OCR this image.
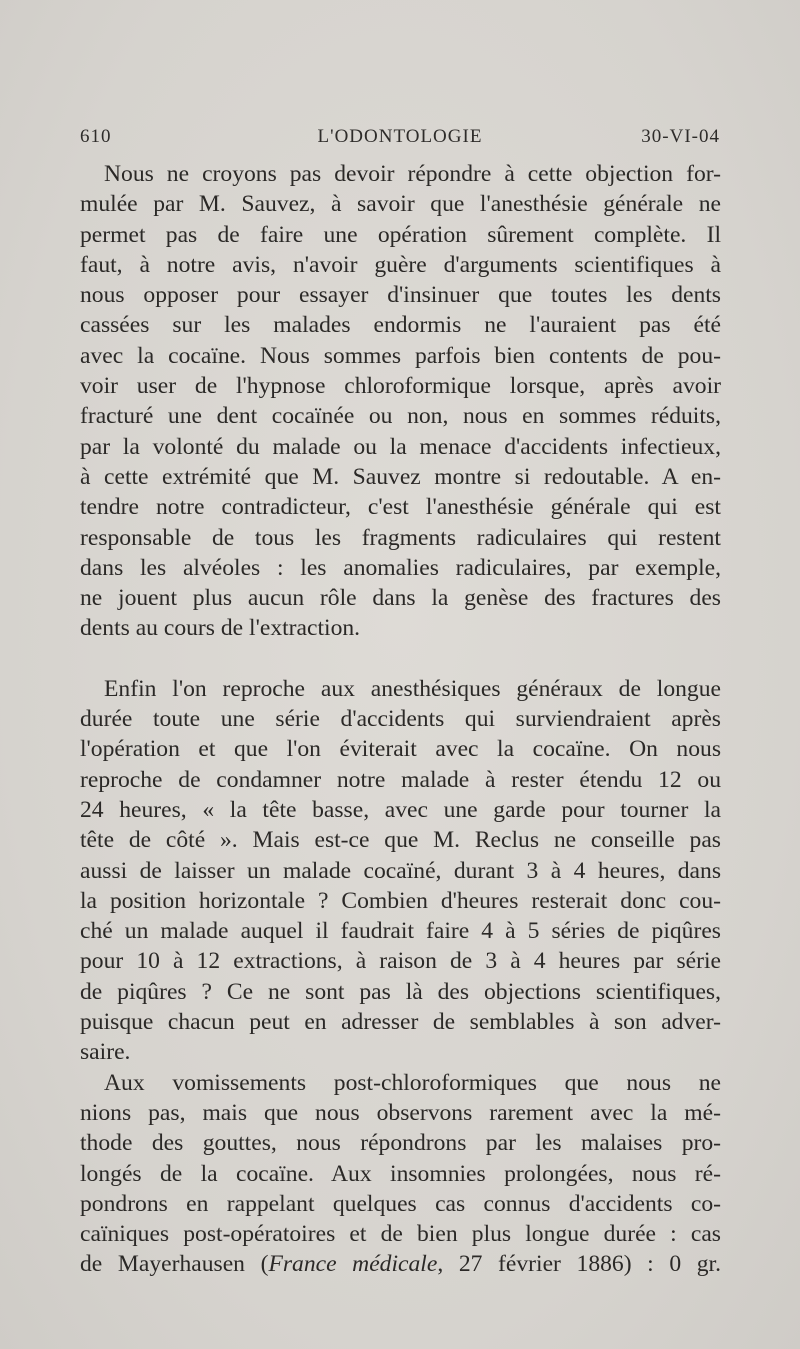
610	L'ODONTOLOGIE	30-VI-04
Nous ne croyons pas devoir répondre à cette objection for-
mulée par M. Sauvez, à savoir que l'anesthésie générale ne
permet pas de faire une opération sûrement complète. Il
faut, à notre avis, n'avoir guère d'arguments scientifiques à
nous opposer pour essayer d'insinuer que toutes les dents
cassées sur les malades endormis ne l'auraient pas été
avec la cocaïne. Nous sommes parfois bien contents de pou-
voir user de l'hypnose chloroformique lorsque, après avoir
fracturé une dent cocaïnée ou non, nous en sommes réduits,
par la volonté du malade ou la menace d'accidents infectieux,
à cette extrémité que M. Sauvez montre si redoutable. A en-
tendre notre contradicteur, c'est l'anesthésie générale qui est
responsable de tous les fragments radiculaires qui restent
dans les alvéoles : les anomalies radiculaires, par exemple,
ne jouent plus aucun rôle dans la genèse des fractures des
dents au cours de l'extraction.
Enfin l'on reproche aux anesthésiques généraux de longue
durée toute une série d'accidents qui surviendraient après
l'opération et que l'on éviterait avec la cocaïne. On nous
reproche de condamner notre malade à rester étendu 12 ou
24 heures, « la tête basse, avec une garde pour tourner la
tête de côté ». Mais est-ce que M. Reclus ne conseille pas
aussi de laisser un malade cocaïné, durant 3 à 4 heures, dans
la position horizontale ? Combien d'heures resterait donc cou-
ché un malade auquel il faudrait faire 4 à 5 séries de piqûres
pour 10 à 12 extractions, à raison de 3 à 4 heures par série
de piqûres ? Ce ne sont pas là des objections scientifiques,
puisque chacun peut en adresser de semblables à son adver-
saire.
Aux vomissements post-chloroformiques que nous ne
nions pas, mais que nous observons rarement avec la mé-
thode des gouttes, nous répondrons par les malaises pro-
longés de la cocaïne. Aux insomnies prolongées, nous ré-
pondrons en rappelant quelques cas connus d'accidents co-
caïniques post-opératoires et de bien plus longue durée : cas
de Mayerhausen (France médicale, 27 février 1886) : 0 gr.
